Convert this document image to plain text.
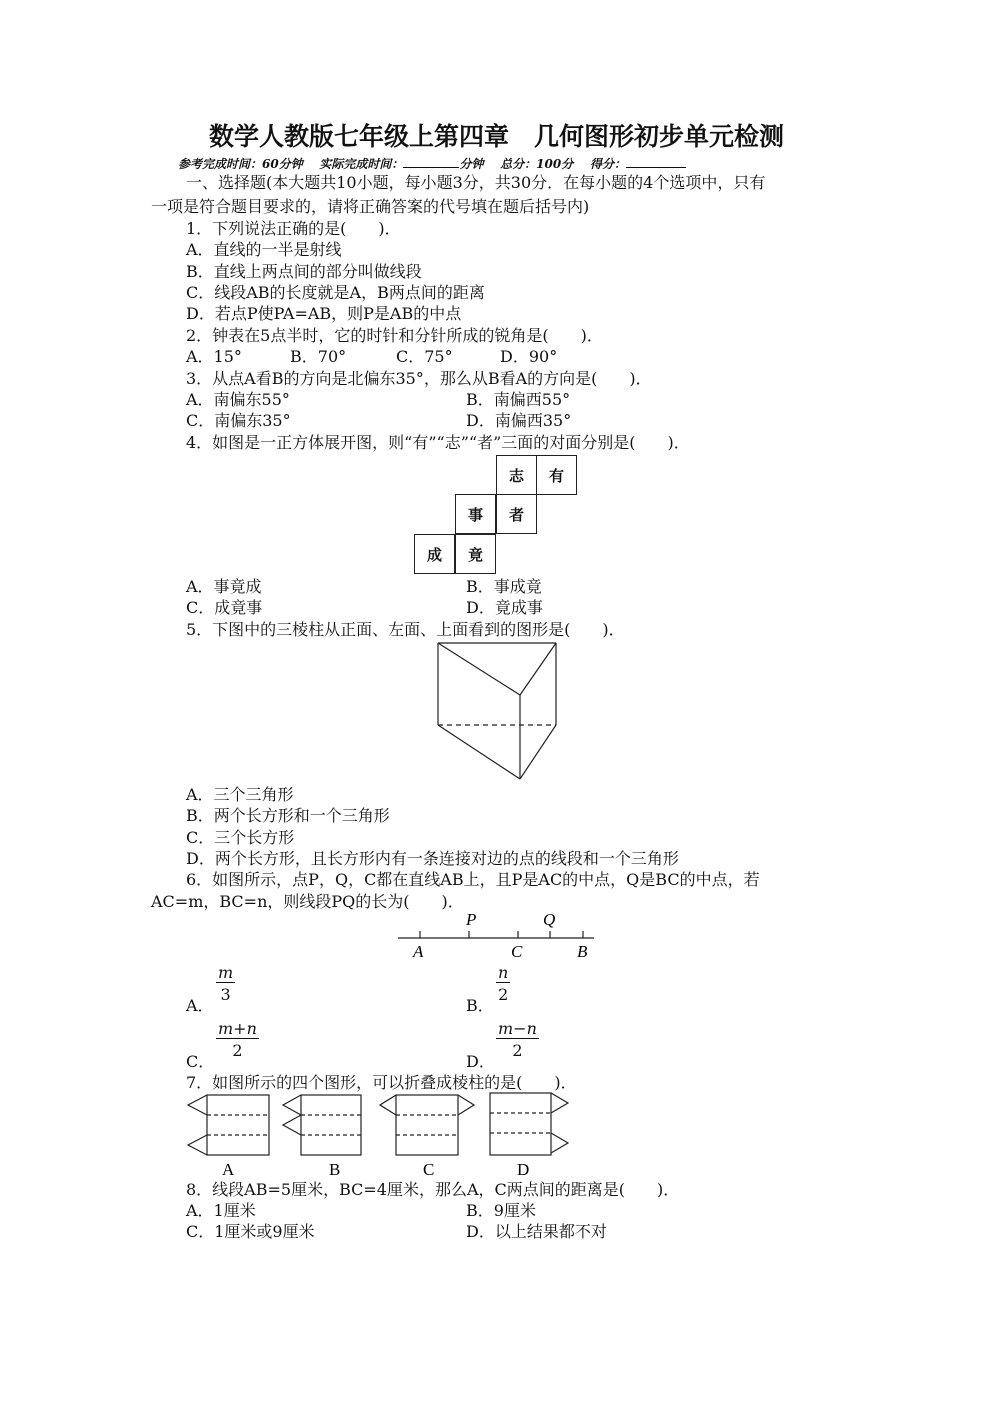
数学人教版七年级上第四章　几何图形初步单元检测
参考完成时间：60分钟 实际完成时间：	分钟 总分：100分 得分：
一、选择题(本大题共10小题，每小题3分，共30分．在每小题的4个选项中，只有
一项是符合题目要求的，请将正确答案的代号填在题后括号内)
1．下列说法正确的是(　　)．
A．直线的一半是射线
B．直线上两点间的部分叫做线段
C．线段AB的长度就是A，B两点间的距离
D．若点P使PA=AB，则P是AB的中点
2．钟表在5点半时，它的时针和分针所成的锐角是(　　)．
A．15°	B．70°	C．75°	D．90°
3．从点A看B的方向是北偏东35°，那么从B看A的方向是(　　)．
A．南偏东55°	B．南偏西55°
C．南偏东35°	D．南偏西35°
4．如图是一正方体展开图，则“有”“志”“者”三面的对面分别是(　　)．
志	有
事	者
成	竟
A．事竟成	B．事成竟
C．成竟事	D．竟成事
5．下图中的三棱柱从正面、左面、上面看到的图形是(　　)．
A．三个三角形
B．两个长方形和一个三角形
C．三个长方形
D．两个长方形，且长方形内有一条连接对边的点的线段和一个三角形
6．如图所示，点P，Q，C都在直线AB上，且P是AC的中点，Q是BC的中点，若
AC=m，BC=n，则线段PQ的长为(　　)．
A
P
C
Q
B
A．
$\frac{m}{3}$
B．
$\frac{n}{2}$
C．
$\frac{m+n}{2}$
D．
$\frac{m-n}{2}$
7．如图所示的四个图形，可以折叠成棱柱的是(　　)．
A	B	C	D
8．线段AB=5厘米，BC=4厘米，那么A，C两点间的距离是(　　)．
A．1厘米	B．9厘米
C．1厘米或9厘米	D．以上结果都不对
